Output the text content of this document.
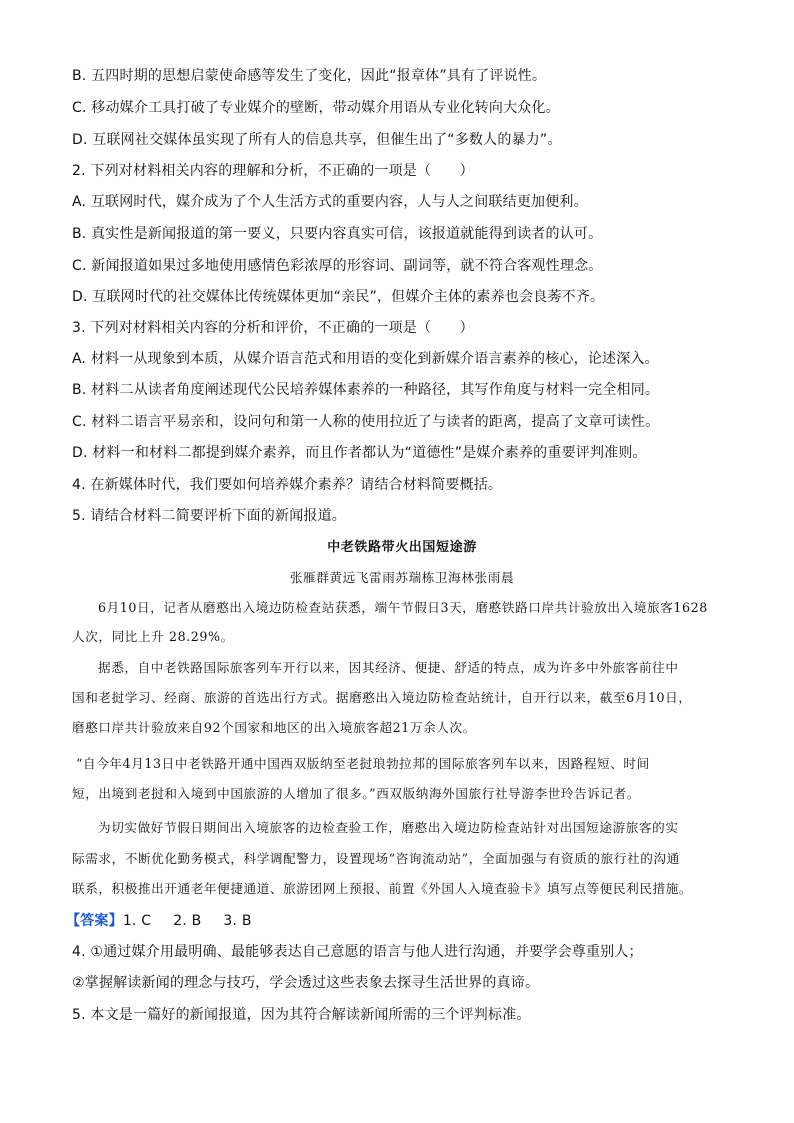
B. 五四时期的思想启蒙使命感等发生了变化，因此“报章体”具有了评说性。
C. 移动媒介工具打破了专业媒介的壁断，带动媒介用语从专业化转向大众化。
D. 互联网社交媒体虽实现了所有人的信息共享，但催生出了“多数人的暴力”。
2. 下列对材料相关内容的理解和分析，不正确的一项是（　　）
A. 互联网时代，媒介成为了个人生活方式的重要内容，人与人之间联结更加便利。
B. 真实性是新闻报道的第一要义，只要内容真实可信，该报道就能得到读者的认可。
C. 新闻报道如果过多地使用感情色彩浓厚的形容词、副词等，就不符合客观性理念。
D. 互联网时代的社交媒体比传统媒体更加“亲民”，但媒介主体的素养也会良莠不齐。
3. 下列对材料相关内容的分析和评价，不正确的一项是（　　）
A. 材料一从现象到本质，从媒介语言范式和用语的变化到新媒介语言素养的核心，论述深入。
B. 材料二从读者角度阐述现代公民培养媒体素养的一种路径，其写作角度与材料一完全相同。
C. 材料二语言平易亲和，设问句和第一人称的使用拉近了与读者的距离，提高了文章可读性。
D. 材料一和材料二都提到媒介素养，而且作者都认为“道德性”是媒介素养的重要评判准则。
4. 在新媒体时代，我们要如何培养媒介素养？请结合材料简要概括。
5. 请结合材料二简要评析下面的新闻报道。
中老铁路带火出国短途游
张雁群黄远飞雷雨苏瑞栋卫海林张雨晨
6月10日，记者从磨憨出入境边防检查站获悉，端午节假日3天，磨憨铁路口岸共计验放出入境旅客1628
人次，同比上升 28.29%。
据悉，自中老铁路国际旅客列车开行以来，因其经济、便捷、舒适的特点，成为许多中外旅客前往中
国和老挝学习、经商、旅游的首选出行方式。据磨憨出入境边防检查站统计，自开行以来，截至6月10日，
磨憨口岸共计验放来自92个国家和地区的出入境旅客超21万余人次。
“自今年4月13日中老铁路开通中国西双版纳至老挝琅勃拉邦的国际旅客列车以来，因路程短、时间
短，出境到老挝和入境到中国旅游的人增加了很多。”西双版纳海外国旅行社导游李世玲告诉记者。
为切实做好节假日期间出入境旅客的边检查验工作，磨憨出入境边防检查站针对出国短途游旅客的实
际需求，不断优化勤务模式，科学调配警力，设置现场“咨询流动站”，全面加强与有资质的旅行社的沟通
联系，积极推出开通老年便捷通道、旅游团网上预报、前置《外国人入境查验卡》填写点等便民利民措施。
【答案】1. C 2. B 3. B
4. ①通过媒介用最明确、最能够表达自己意愿的语言与他人进行沟通，并要学会尊重别人；
②掌握解读新闻的理念与技巧，学会透过这些表象去探寻生活世界的真谛。
5. 本文是一篇好的新闻报道，因为其符合解读新闻所需的三个评判标准。
